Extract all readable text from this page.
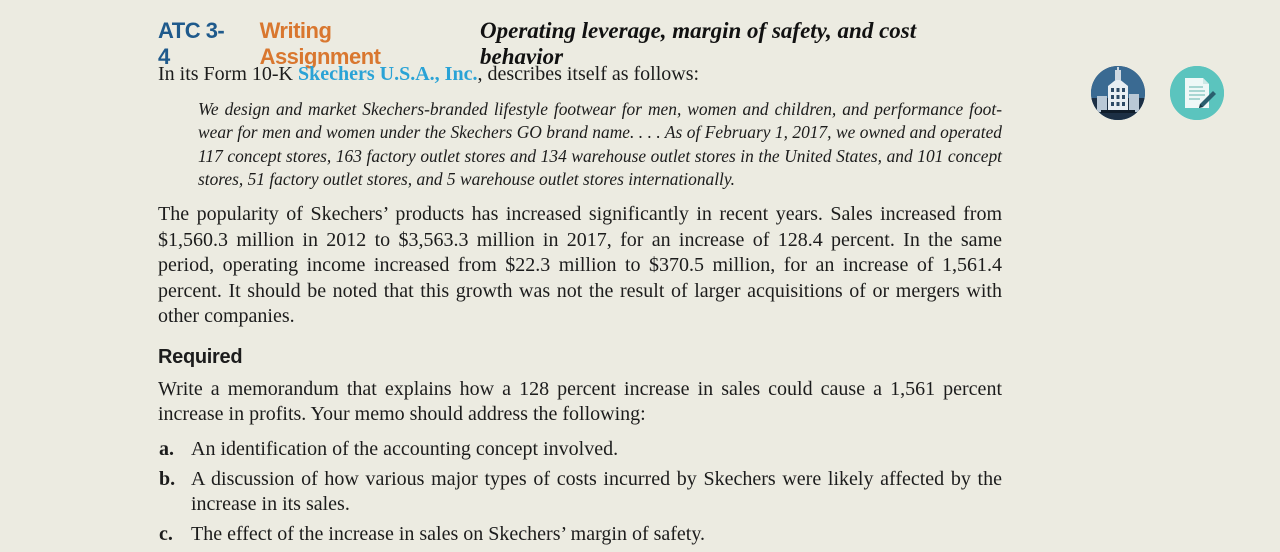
ATC 3-4
Writing Assignment
Operating leverage, margin of safety, and cost behavior
In its Form 10-K Skechers U.S.A., Inc., describes itself as follows:
We design and market Skechers-branded lifestyle footwear for men, women and children, and performance foot-wear for men and women under the Skechers GO brand name. . . . As of February 1, 2017, we owned and operated 117 concept stores, 163 factory outlet stores and 134 warehouse outlet stores in the United States, and 101 concept stores, 51 factory outlet stores, and 5 warehouse outlet stores internationally.
The popularity of Skechers’ products has increased significantly in recent years. Sales increased from $1,560.3 million in 2012 to $3,563.3 million in 2017, for an increase of 128.4 percent. In the same period, operating income increased from $22.3 million to $370.5 million, for an increase of 1,561.4 percent. It should be noted that this growth was not the result of larger acquisitions of or mergers with other companies.
Required
Write a memorandum that explains how a 128 percent increase in sales could cause a 1,561 percent increase in profits. Your memo should address the following:
a. An identification of the accounting concept involved.
b. A discussion of how various major types of costs incurred by Skechers were likely affected by the increase in its sales.
c. The effect of the increase in sales on Skechers’ margin of safety.
